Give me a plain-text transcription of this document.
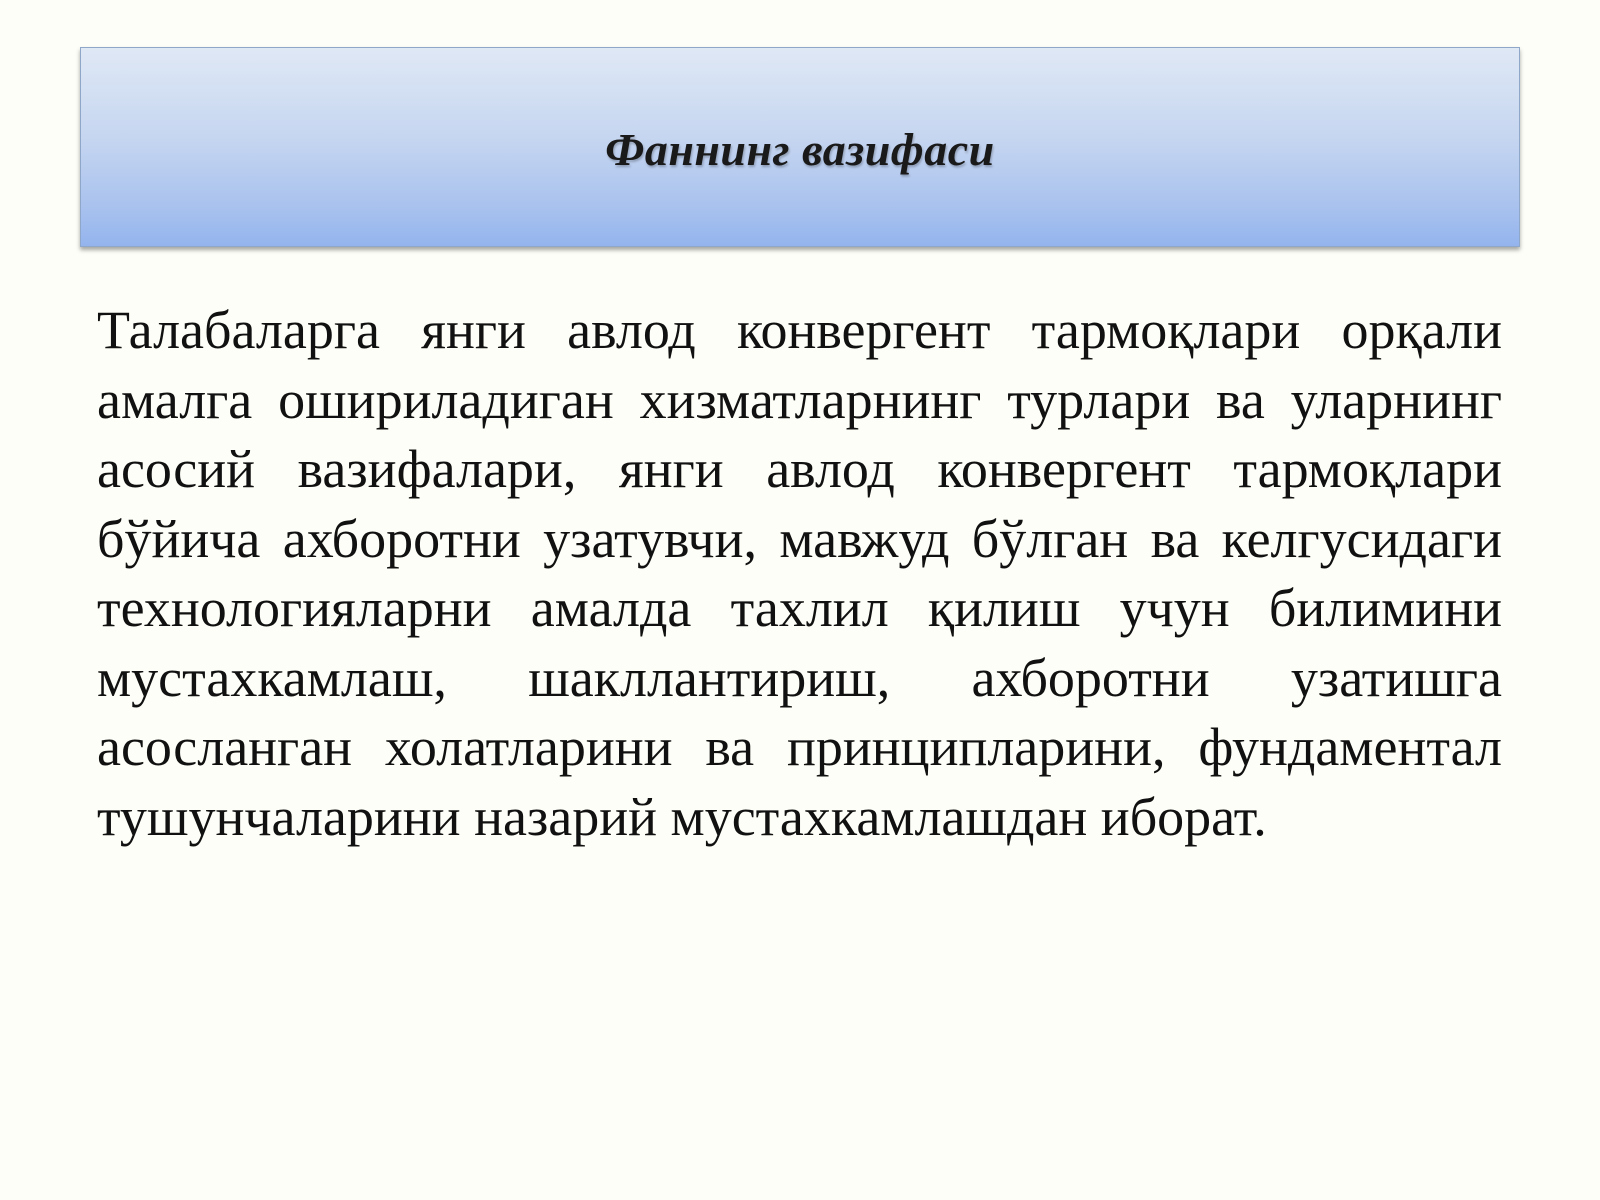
Фаннинг вазифаси

Талабаларга янги авлод конвергент тармоқлари орқали амалга ошириладиган хизматларнинг турлари ва уларнинг асосий вазифалари, янги авлод конвергент тармоқлари бўйича ахборотни узатувчи, мавжуд бўлган ва келгусидаги технологияларни амалда тахлил қилиш учун билимини мустахкамлаш, шакллантириш, ахборотни узатишга асосланган холатларини ва принципларини, фундаментал тушунчаларини назарий мустахкамлашдан иборат.
